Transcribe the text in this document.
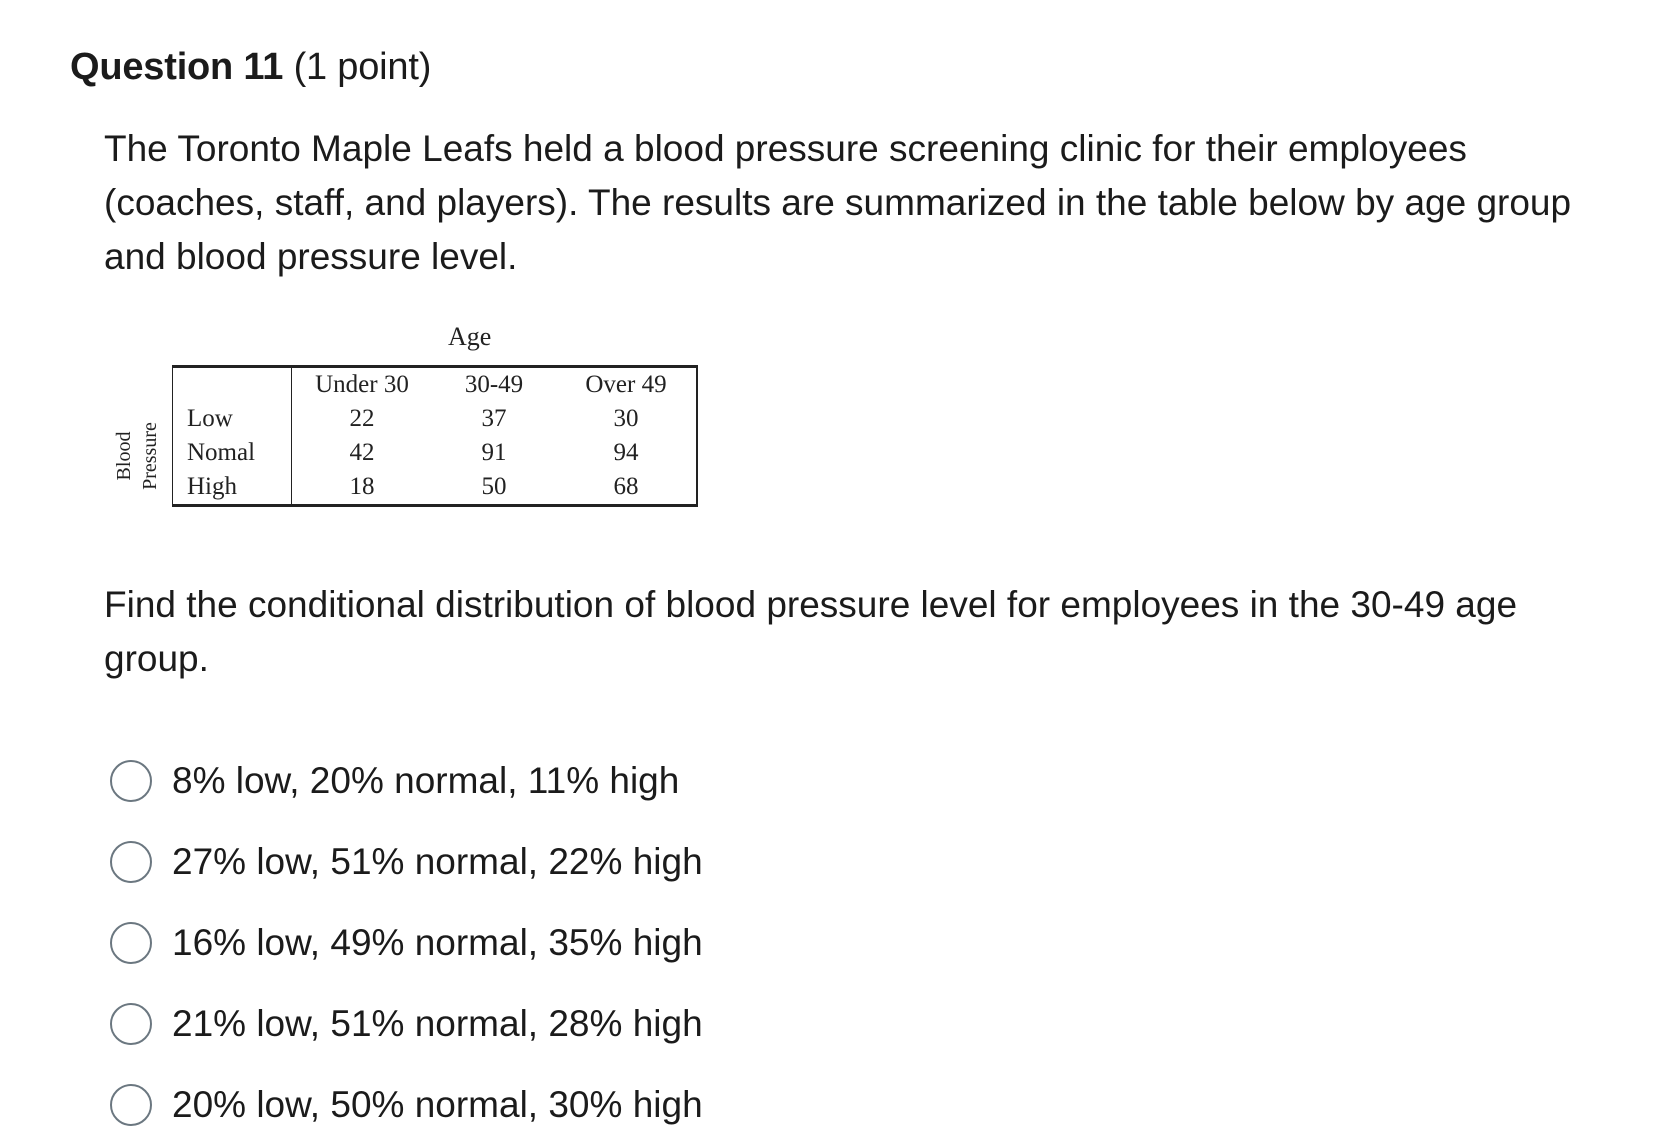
Question 11 (1 point)
The Toronto Maple Leafs held a blood pressure screening clinic for their employees (coaches, staff, and players). The results are summarized in the table below by age group and blood pressure level.
Age
Blood Pressure
	Under 30	30-49	Over 49
Low	22	37	30
Nomal	42	91	94
High	18	50	68
Find the conditional distribution of blood pressure level for employees in the 30-49 age group.
8% low, 20% normal, 11% high
27% low, 51% normal, 22% high
16% low, 49% normal, 35% high
21% low, 51% normal, 28% high
20% low, 50% normal, 30% high
